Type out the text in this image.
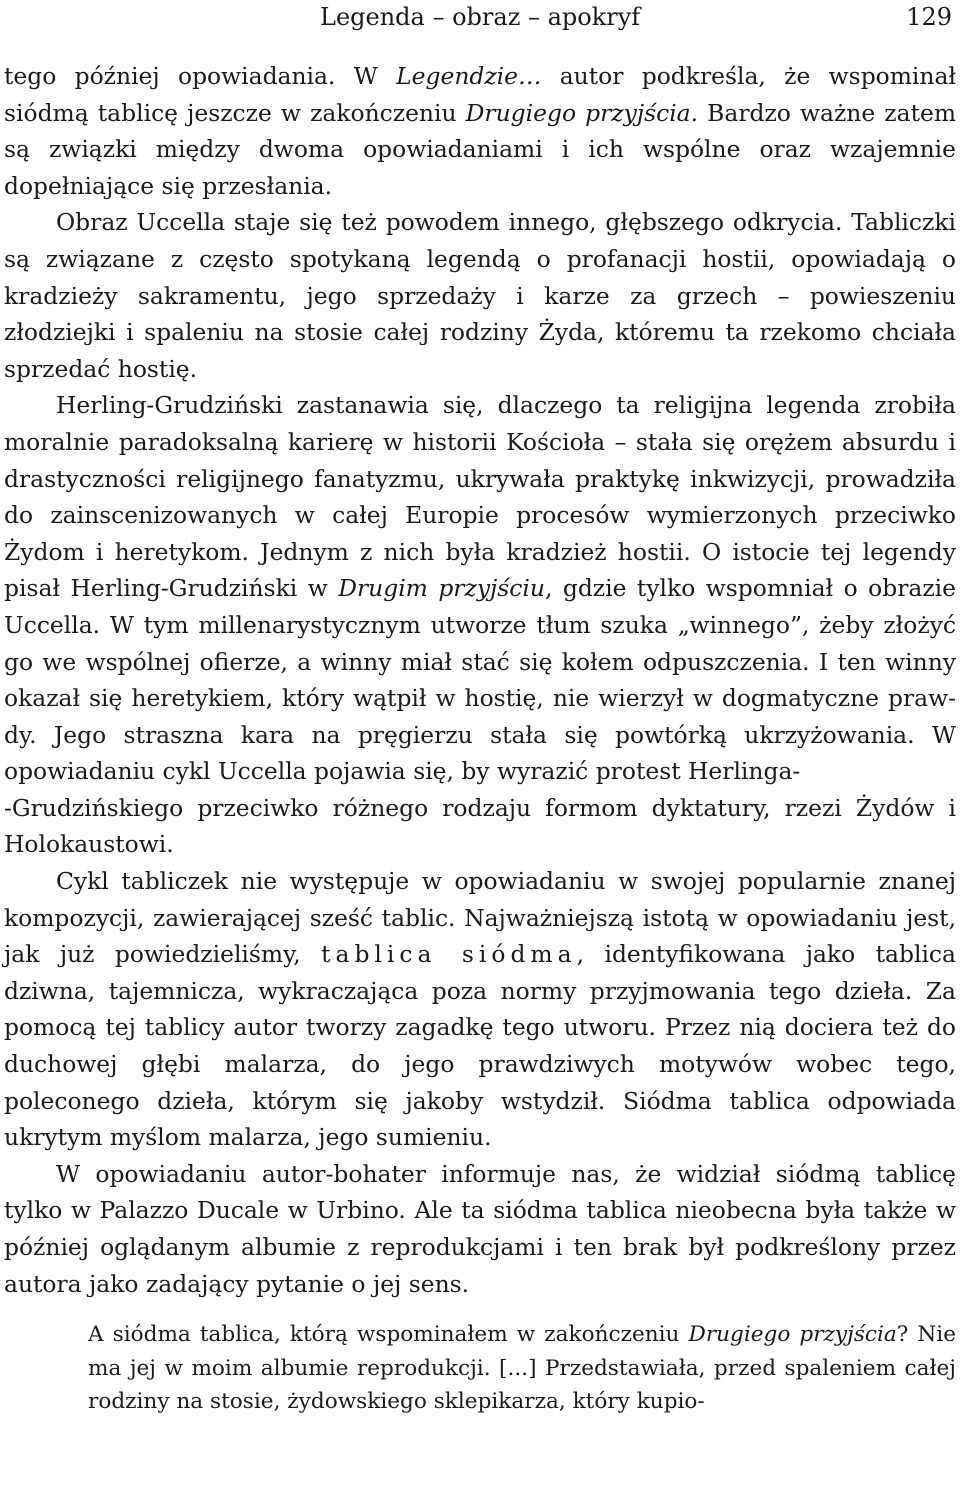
Legenda – obraz – apokryf	129

tego później opowiadania. W Legendzie… autor podkreśla, że wspominał siódmą tablicę jeszcze w zakończeniu Drugiego przyjścia. Bardzo ważne zatem są związki między dwoma opowiadaniami i ich wspólne oraz wzajemnie dopełniające się przesłania.

Obraz Uccella staje się też powodem innego, głębszego odkrycia. Tabliczki są związane z często spotykaną legendą o profanacji hostii, opowiadają o kradzieży sakramentu, jego sprzedaży i karze za grzech – powieszeniu złodziejki i spaleniu na stosie całej rodziny Żyda, któremu ta rzekomo chciała sprzedać hostię.

Herling-Grudziński zastanawia się, dlaczego ta religijna legenda zrobiła moralnie paradoksalną karierę w historii Kościoła – stała się orężem absurdu i drastyczności religijnego fanatyzmu, ukrywała praktykę inkwizycji, prowadziła do zainscenizowanych w całej Europie procesów wymierzonych przeciwko Żydom i heretykom. Jednym z nich była kradzież hostii. O istocie tej legendy pisał Herling-Grudziński w Drugim przyjściu, gdzie tylko wspomniał o obrazie Uccella. W tym millenarystycznym utworze tłum szuka „winnego”, żeby złożyć go we wspólnej ofierze, a winny miał stać się kołem odpuszczenia. I ten winny okazał się heretykiem, który wątpił w hostię, nie wierzył w dogmatyczne prawdy. Jego straszna kara na pręgierzu stała się powtórką ukrzyżowania. W opowiadaniu cykl Uccella pojawia się, by wyrazić protest Herlinga-
-Grudzińskiego przeciwko różnego rodzaju formom dyktatury, rzezi Żydów i Holokaustowi.

Cykl tabliczek nie występuje w opowiadaniu w swojej popularnie znanej kompozycji, zawierającej sześć tablic. Najważniejszą istotą w opowiadaniu jest, jak już powiedzieliśmy, tablica siódma, identyfikowana jako tablica dziwna, tajemnicza, wykraczająca poza normy przyjmowania tego dzieła. Za pomocą tej tablicy autor tworzy zagadkę tego utworu. Przez nią dociera też do duchowej głębi malarza, do jego prawdziwych motywów wobec tego, poleconego dzieła, którym się jakoby wstydził. Siódma tablica odpowiada ukrytym myślom malarza, jego sumieniu.

W opowiadaniu autor-bohater informuje nas, że widział siódmą tablicę tylko w Palazzo Ducale w Urbino. Ale ta siódma tablica nieobecna była także w później oglądanym albumie z reprodukcjami i ten brak był podkreślony przez autora jako zadający pytanie o jej sens.

A siódma tablica, którą wspominałem w zakończeniu Drugiego przyjścia? Nie ma jej w moim albumie reprodukcji. [...] Przedstawiała, przed spaleniem całej rodziny na stosie, żydowskiego sklepikarza, który kupio-
